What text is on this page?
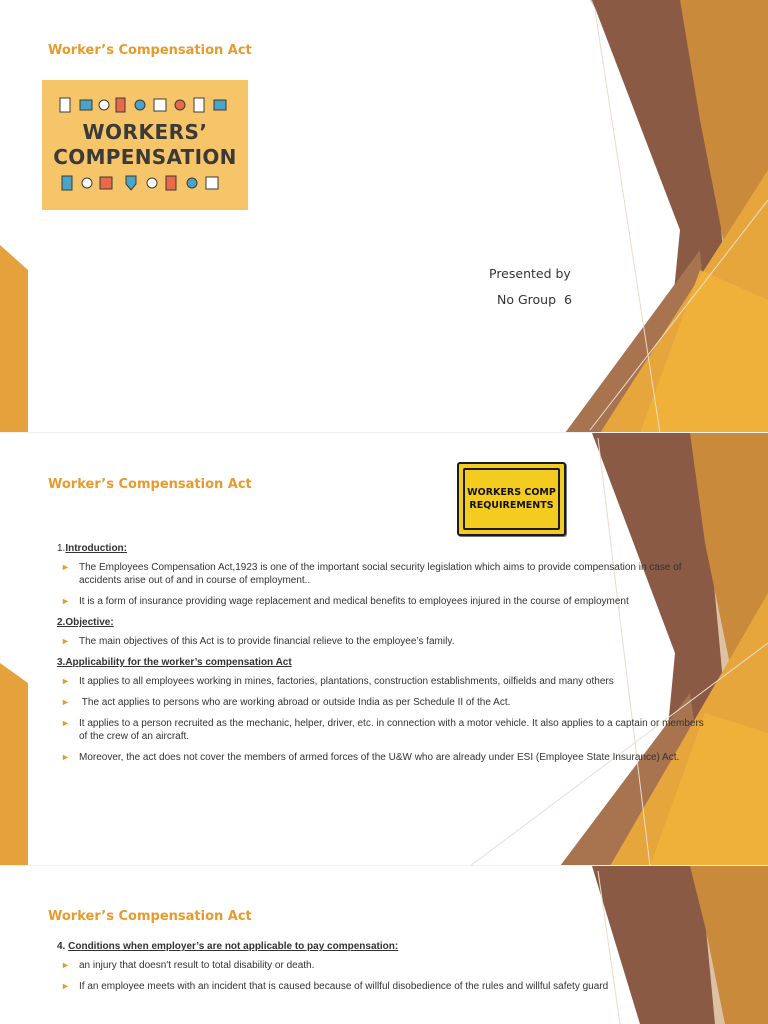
Worker’s Compensation Act
WORKERS’
COMPENSATION
Presented by
No Group  6
Worker’s Compensation Act
1.Introduction:
► The Employees Compensation Act,1923 is one of the important social security legislation which aims to provide compensation in case of accidents arise out of and in course of employment..
► It is a form of insurance providing wage replacement and medical benefits to employees injured in the course of employment
2.Objective:
► The main objectives of this Act is to provide financial relieve to the employee’s family.
3.Applicability for the worker’s compensation Act
► It applies to all employees working in mines, factories, plantations, construction establishments, oilfields and many others
► The act applies to persons who are working abroad or outside India as per Schedule II of the Act.
► It applies to a person recruited as the mechanic, helper, driver, etc. in connection with a motor vehicle. It also applies to a captain or members of the crew of an aircraft.
► Moreover, the act does not cover the members of armed forces of the U&W who are already under ESI (Employee State Insurance) Act.
WORKERS COMP
REQUIREMENTS
Worker’s Compensation Act
4. Conditions when employer’s are not applicable to pay compensation:
► an injury that doesn't result to total disability or death.
► If an employee meets with an incident that is caused because of willful disobedience of the rules and willful safety guard
